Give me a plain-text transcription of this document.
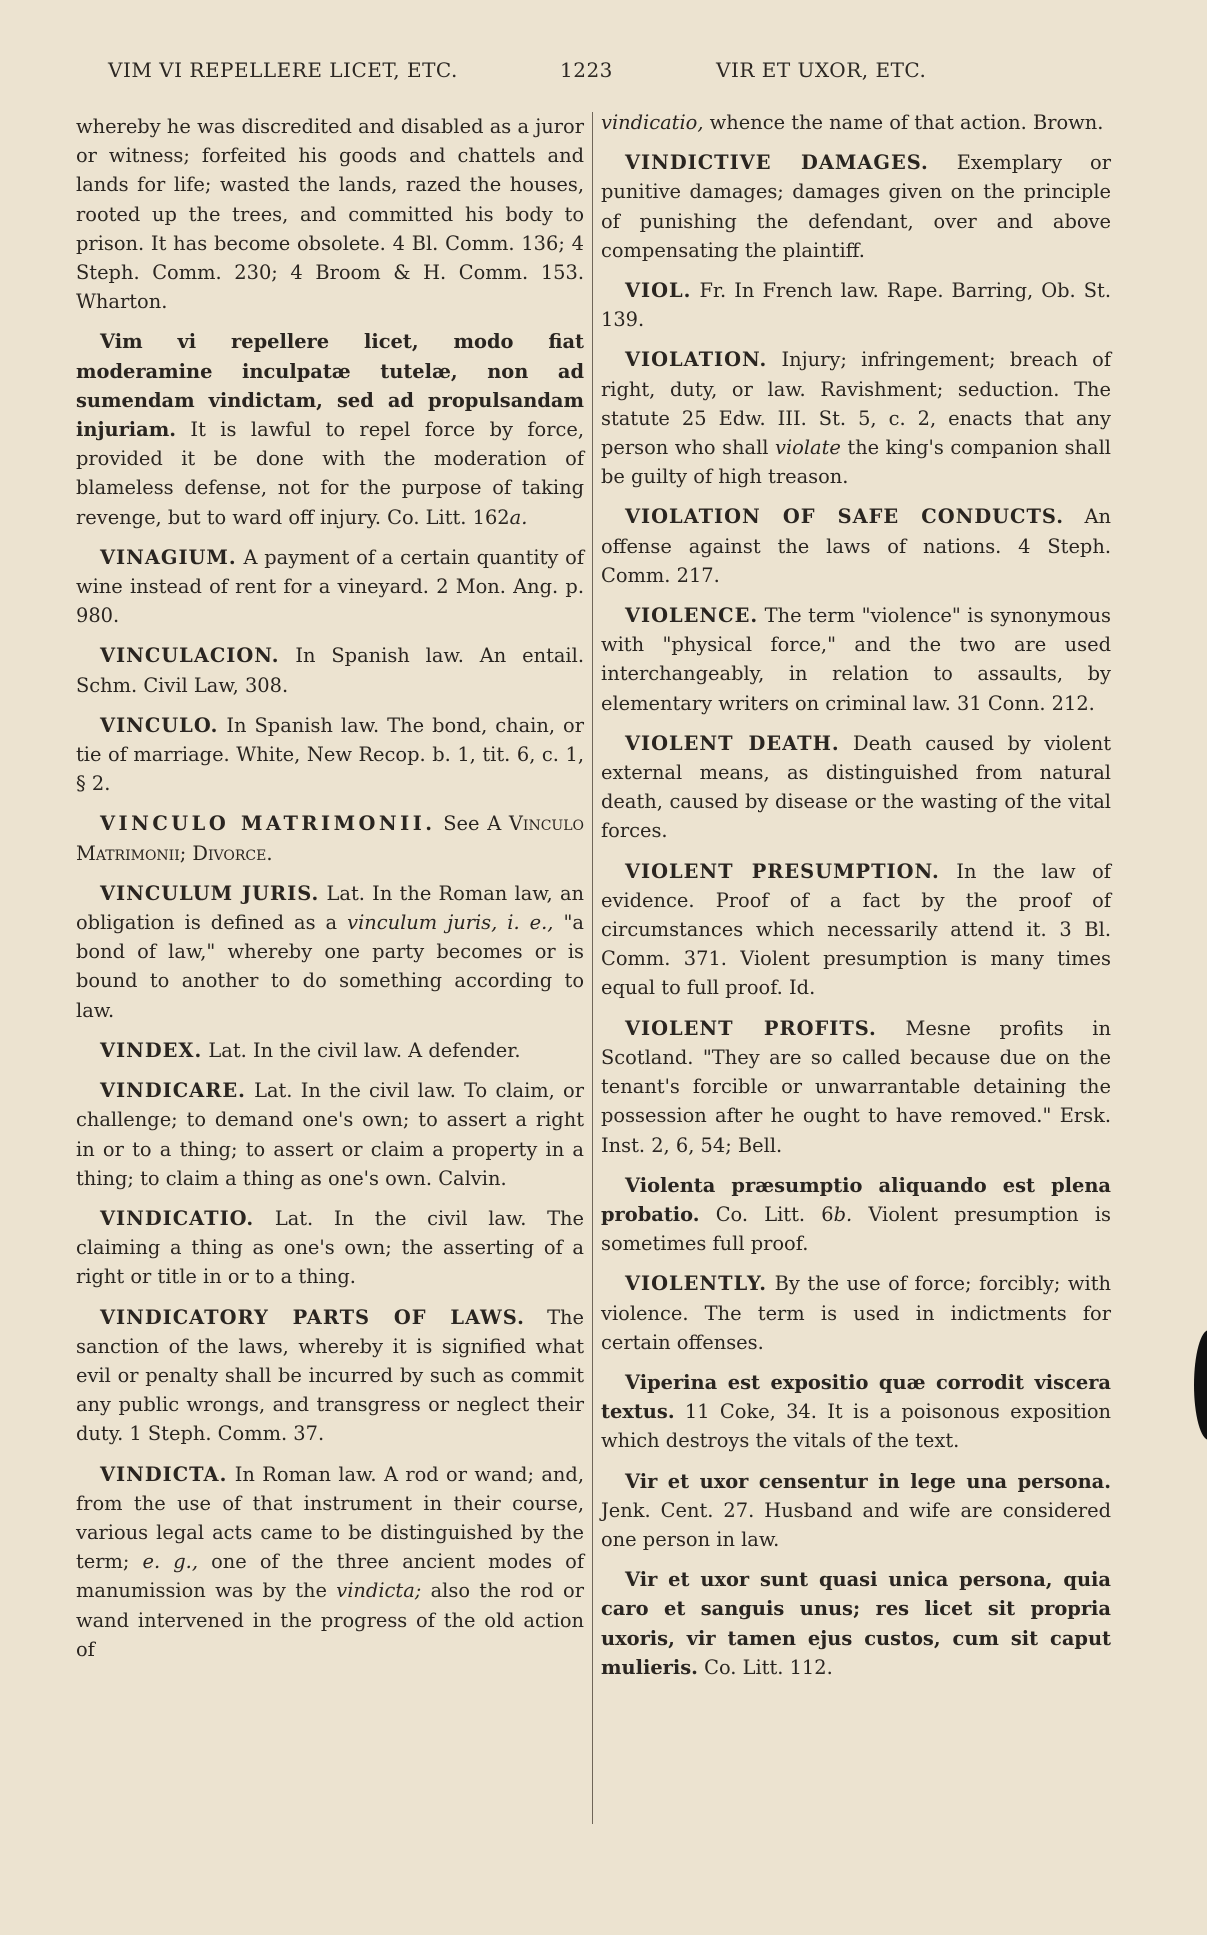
VIM VI REPELLERE LICET, ETC.	1223	VIR ET UXOR, ETC.

whereby he was discredited and disabled as a juror or witness; forfeited his goods and chattels and lands for life; wasted the lands, razed the houses, rooted up the trees, and committed his body to prison. It has become obsolete. 4 Bl. Comm. 136; 4 Steph. Comm. 230; 4 Broom & H. Comm. 153. Wharton.

Vim vi repellere licet, modo fiat moderamine inculpatæ tutelæ, non ad sumendam vindictam, sed ad propulsandam injuriam. It is lawful to repel force by force, provided it be done with the moderation of blameless defense, not for the purpose of taking revenge, but to ward off injury. Co. Litt. 162a.

VINAGIUM. A payment of a certain quantity of wine instead of rent for a vineyard. 2 Mon. Ang. p. 980.

VINCULACION. In Spanish law. An entail. Schm. Civil Law, 308.

VINCULO. In Spanish law. The bond, chain, or tie of marriage. White, New Recop. b. 1, tit. 6, c. 1, § 2.

VINCULO MATRIMONII. See A Vinculo Matrimonii; Divorce.

VINCULUM JURIS. Lat. In the Roman law, an obligation is defined as a vinculum juris, i. e., "a bond of law," whereby one party becomes or is bound to another to do something according to law.

VINDEX. Lat. In the civil law. A defender.

VINDICARE. Lat. In the civil law. To claim, or challenge; to demand one's own; to assert a right in or to a thing; to assert or claim a property in a thing; to claim a thing as one's own. Calvin.

VINDICATIO. Lat. In the civil law. The claiming a thing as one's own; the asserting of a right or title in or to a thing.

VINDICATORY PARTS OF LAWS. The sanction of the laws, whereby it is signified what evil or penalty shall be incurred by such as commit any public wrongs, and transgress or neglect their duty. 1 Steph. Comm. 37.

VINDICTA. In Roman law. A rod or wand; and, from the use of that instrument in their course, various legal acts came to be distinguished by the term; e. g., one of the three ancient modes of manumission was by the vindicta; also the rod or wand intervened in the progress of the old action of

vindicatio, whence the name of that action. Brown.

VINDICTIVE DAMAGES. Exemplary or punitive damages; damages given on the principle of punishing the defendant, over and above compensating the plaintiff.

VIOL. Fr. In French law. Rape. Barring, Ob. St. 139.

VIOLATION. Injury; infringement; breach of right, duty, or law. Ravishment; seduction. The statute 25 Edw. III. St. 5, c. 2, enacts that any person who shall violate the king's companion shall be guilty of high treason.

VIOLATION OF SAFE CONDUCTS. An offense against the laws of nations. 4 Steph. Comm. 217.

VIOLENCE. The term "violence" is synonymous with "physical force," and the two are used interchangeably, in relation to assaults, by elementary writers on criminal law. 31 Conn. 212.

VIOLENT DEATH. Death caused by violent external means, as distinguished from natural death, caused by disease or the wasting of the vital forces.

VIOLENT PRESUMPTION. In the law of evidence. Proof of a fact by the proof of circumstances which necessarily attend it. 3 Bl. Comm. 371. Violent presumption is many times equal to full proof. Id.

VIOLENT PROFITS. Mesne profits in Scotland. "They are so called because due on the tenant's forcible or unwarrantable detaining the possession after he ought to have removed." Ersk. Inst. 2, 6, 54; Bell.

Violenta præsumptio aliquando est plena probatio. Co. Litt. 6b. Violent presumption is sometimes full proof.

VIOLENTLY. By the use of force; forcibly; with violence. The term is used in indictments for certain offenses.

Viperina est expositio quæ corrodit viscera textus. 11 Coke, 34. It is a poisonous exposition which destroys the vitals of the text.

Vir et uxor censentur in lege una persona. Jenk. Cent. 27. Husband and wife are considered one person in law.

Vir et uxor sunt quasi unica persona, quia caro et sanguis unus; res licet sit propria uxoris, vir tamen ejus custos, cum sit caput mulieris. Co. Litt. 112.
